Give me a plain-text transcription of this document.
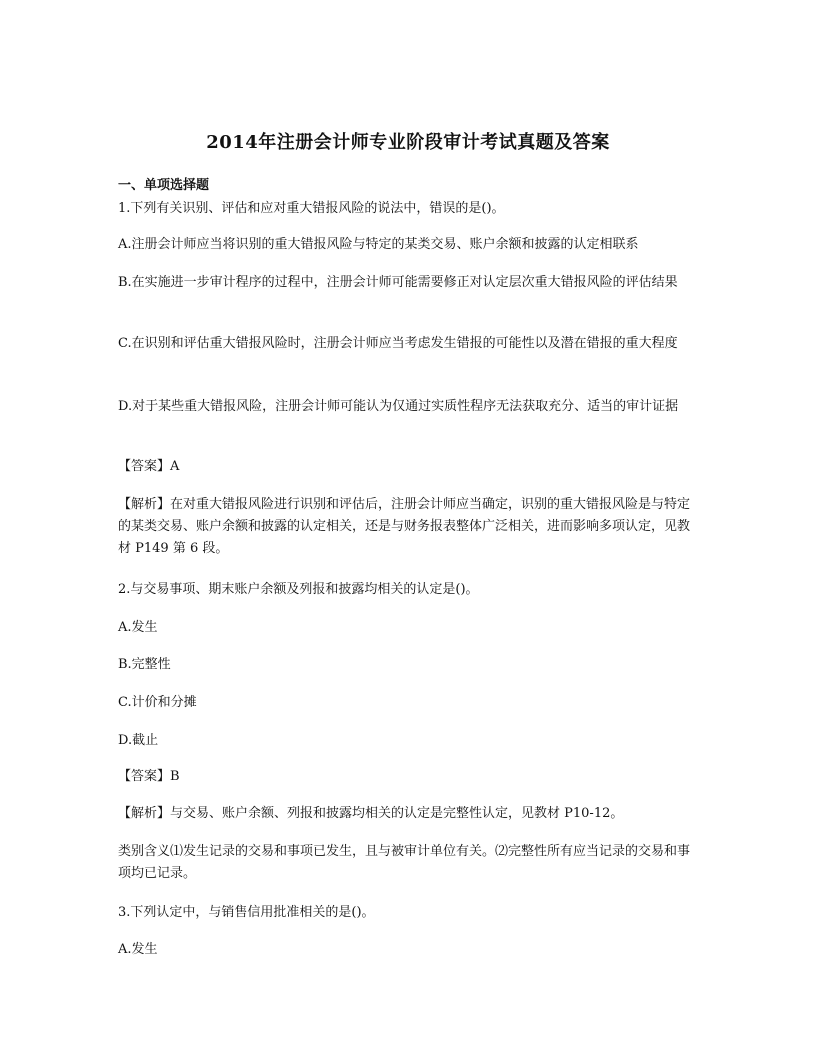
2014年注册会计师专业阶段审计考试真题及答案
一、单项选择题
1.下列有关识别、评估和应对重大错报风险的说法中，错误的是()。
A.注册会计师应当将识别的重大错报风险与特定的某类交易、账户余额和披露的认定相联系
B.在实施进一步审计程序的过程中，注册会计师可能需要修正对认定层次重大错报风险的评估结果
C.在识别和评估重大错报风险时，注册会计师应当考虑发生错报的可能性以及潜在错报的重大程度
D.对于某些重大错报风险，注册会计师可能认为仅通过实质性程序无法获取充分、适当的审计证据
【答案】A
【解析】在对重大错报风险进行识别和评估后，注册会计师应当确定，识别的重大错报风险是与特定的某类交易、账户余额和披露的认定相关，还是与财务报表整体广泛相关，进而影响多项认定，见教材 P149 第 6 段。
2.与交易事项、期末账户余额及列报和披露均相关的认定是()。
A.发生
B.完整性
C.计价和分摊
D.截止
【答案】B
【解析】与交易、账户余额、列报和披露均相关的认定是完整性认定，见教材 P10-12。
类别含义⑴发生记录的交易和事项已发生，且与被审计单位有关。⑵完整性所有应当记录的交易和事项均已记录。
3.下列认定中，与销售信用批准相关的是()。
A.发生
